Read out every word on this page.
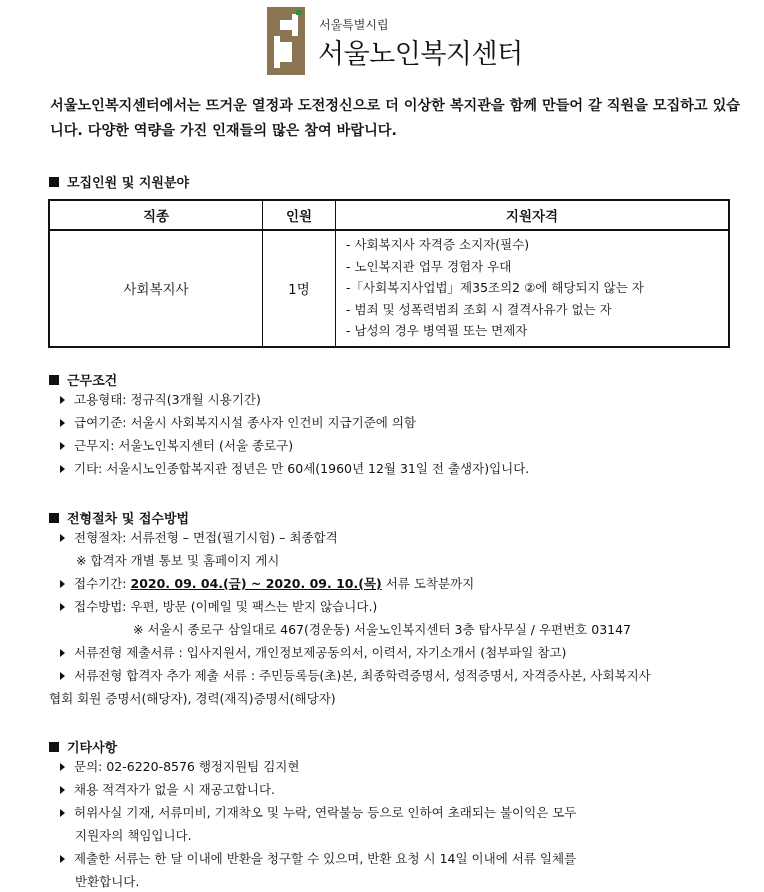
서울특별시립
서울노인복지센터
서울노인복지센터에서는 뜨거운 열정과 도전정신으로 더 이상한 복지관을 함께 만들어 갈 직원을 모집하고 있습니다. 다양한 역량을 가진 인재들의 많은 참여 바랍니다.
모집인원 및 지원분야
직종	인원	지원자격
사회복지사	1명	- 사회복지사 자격증 소지자(필수)
- 노인복지관 업무 경험자 우대
-「사회복지사업법」제35조의2 ②에 해당되지 않는 자
- 범죄 및 성폭력범죄 조회 시 결격사유가 없는 자
- 남성의 경우 병역필 또는 면제자
근무조건
고용형태: 정규직(3개월 시용기간)
급여기준: 서울시 사회복지시설 종사자 인건비 지급기준에 의함
근무지: 서울노인복지센터 (서울 종로구)
기타: 서울시노인종합복지관 정년은 만 60세(1960년 12월 31일 전 출생자)입니다.
전형절차 및 접수방법
전형절차: 서류전형 – 면접(필기시험) – 최종합격
※ 합격자 개별 통보 및 홈페이지 게시
접수기간: 2020. 09. 04.(금) ~ 2020. 09. 10.(목) 서류 도착분까지
접수방법: 우편, 방문 (이메일 및 팩스는 받지 않습니다.)
※ 서울시 종로구 삼일대로 467(경운동) 서울노인복지센터 3층 탑사무실 / 우편번호 03147
서류전형 제출서류 : 입사지원서, 개인정보제공동의서, 이력서, 자기소개서 (첨부파일 참고)
서류전형 합격자 추가 제출 서류 : 주민등록등(초)본, 최종학력증명서, 성적증명서, 자격증사본, 사회복지사
협회 회원 증명서(해당자), 경력(재직)증명서(해당자)
기타사항
문의: 02-6220-8576 행정지원팀 김지현
채용 적격자가 없을 시 재공고합니다.
허위사실 기재, 서류미비, 기재착오 및 누락, 연락불능 등으로 인하여 초래되는 불이익은 모두
지원자의 책임입니다.
제출한 서류는 한 달 이내에 반환을 청구할 수 있으며, 반환 요청 시 14일 이내에 서류 일체를
반환합니다.
